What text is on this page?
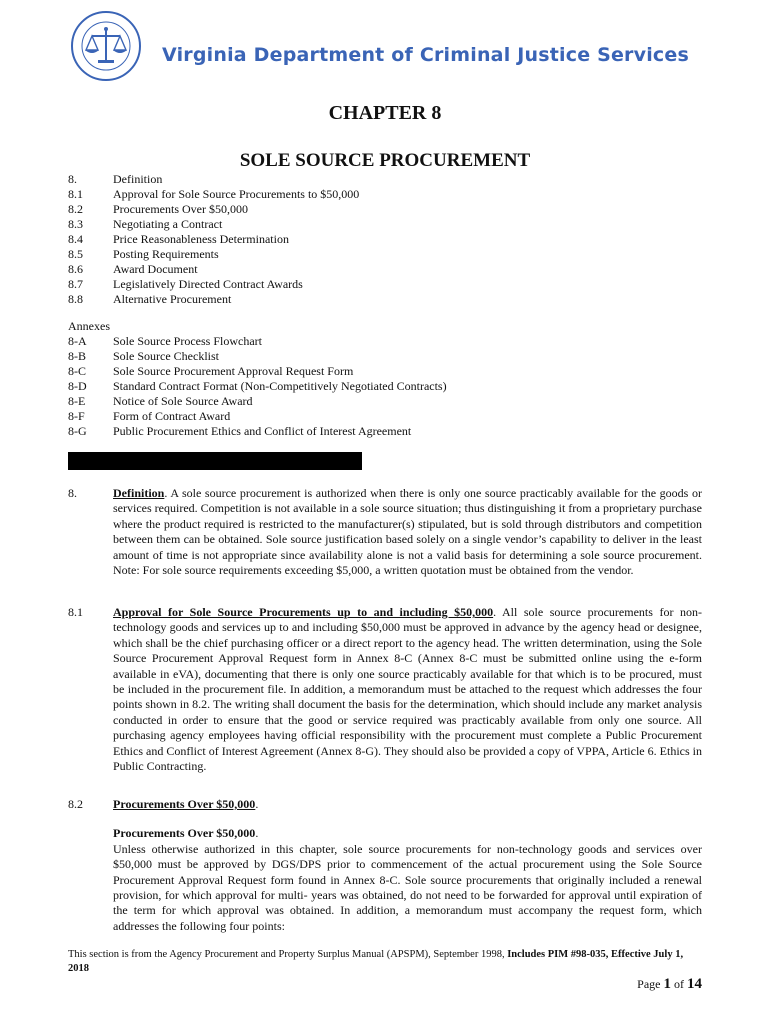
Virginia Department of Criminal Justice Services
CHAPTER 8
SOLE SOURCE PROCUREMENT
8.	Definition
8.1	Approval for Sole Source Procurements to $50,000
8.2	Procurements Over $50,000
8.3	Negotiating a Contract
8.4	Price Reasonableness Determination
8.5	Posting Requirements
8.6	Award Document
8.7	Legislatively Directed Contract Awards
8.8	Alternative Procurement
Annexes
8-A	Sole Source Process Flowchart
8-B	Sole Source Checklist
8-C	Sole Source Procurement Approval Request Form
8-D	Standard Contract Format (Non-Competitively Negotiated Contracts)
8-E	Notice of Sole Source Award
8-F	Form of Contract Award
8-G	Public Procurement Ethics and Conflict of Interest Agreement
8.	Definition. A sole source procurement is authorized when there is only one source practicably available for the goods or services required. Competition is not available in a sole source situation; thus distinguishing it from a proprietary purchase where the product required is restricted to the manufacturer(s) stipulated, but is sold through distributors and competition between them can be obtained. Sole source justification based solely on a single vendor’s capability to deliver in the least amount of time is not appropriate since availability alone is not a valid basis for determining a sole source procurement. Note: For sole source requirements exceeding $5,000, a written quotation must be obtained from the vendor.
8.1	Approval for Sole Source Procurements up to and including $50,000. All sole source procurements for non-technology goods and services up to and including $50,000 must be approved in advance by the agency head or designee, which shall be the chief purchasing officer or a direct report to the agency head. The written determination, using the Sole Source Procurement Approval Request form in Annex 8-C (Annex 8-C must be submitted online using the e-form available in eVA), documenting that there is only one source practicably available for that which is to be procured, must be included in the procurement file. In addition, a memorandum must be attached to the request which addresses the four points shown in 8.2. The writing shall document the basis for the determination, which should include any market analysis conducted in order to ensure that the good or service required was practicably available from only one source. All purchasing agency employees having official responsibility with the procurement must complete a Public Procurement Ethics and Conflict of Interest Agreement (Annex 8-G). They should also be provided a copy of VPPA, Article 6. Ethics in Public Contracting.
8.2	Procurements Over $50,000.
Procurements Over $50,000.
Unless otherwise authorized in this chapter, sole source procurements for non-technology goods and services over $50,000 must be approved by DGS/DPS prior to commencement of the actual procurement using the Sole Source Procurement Approval Request form found in Annex 8-C. Sole source procurements that originally included a renewal provision, for which approval for multi- years was obtained, do not need to be forwarded for approval until expiration of the term for which approval was obtained. In addition, a memorandum must accompany the request form, which addresses the following four points:
This section is from the Agency Procurement and Property Surplus Manual (APSPM), September 1998, Includes PIM #98-035, Effective July 1, 2018
Page 1 of 14
